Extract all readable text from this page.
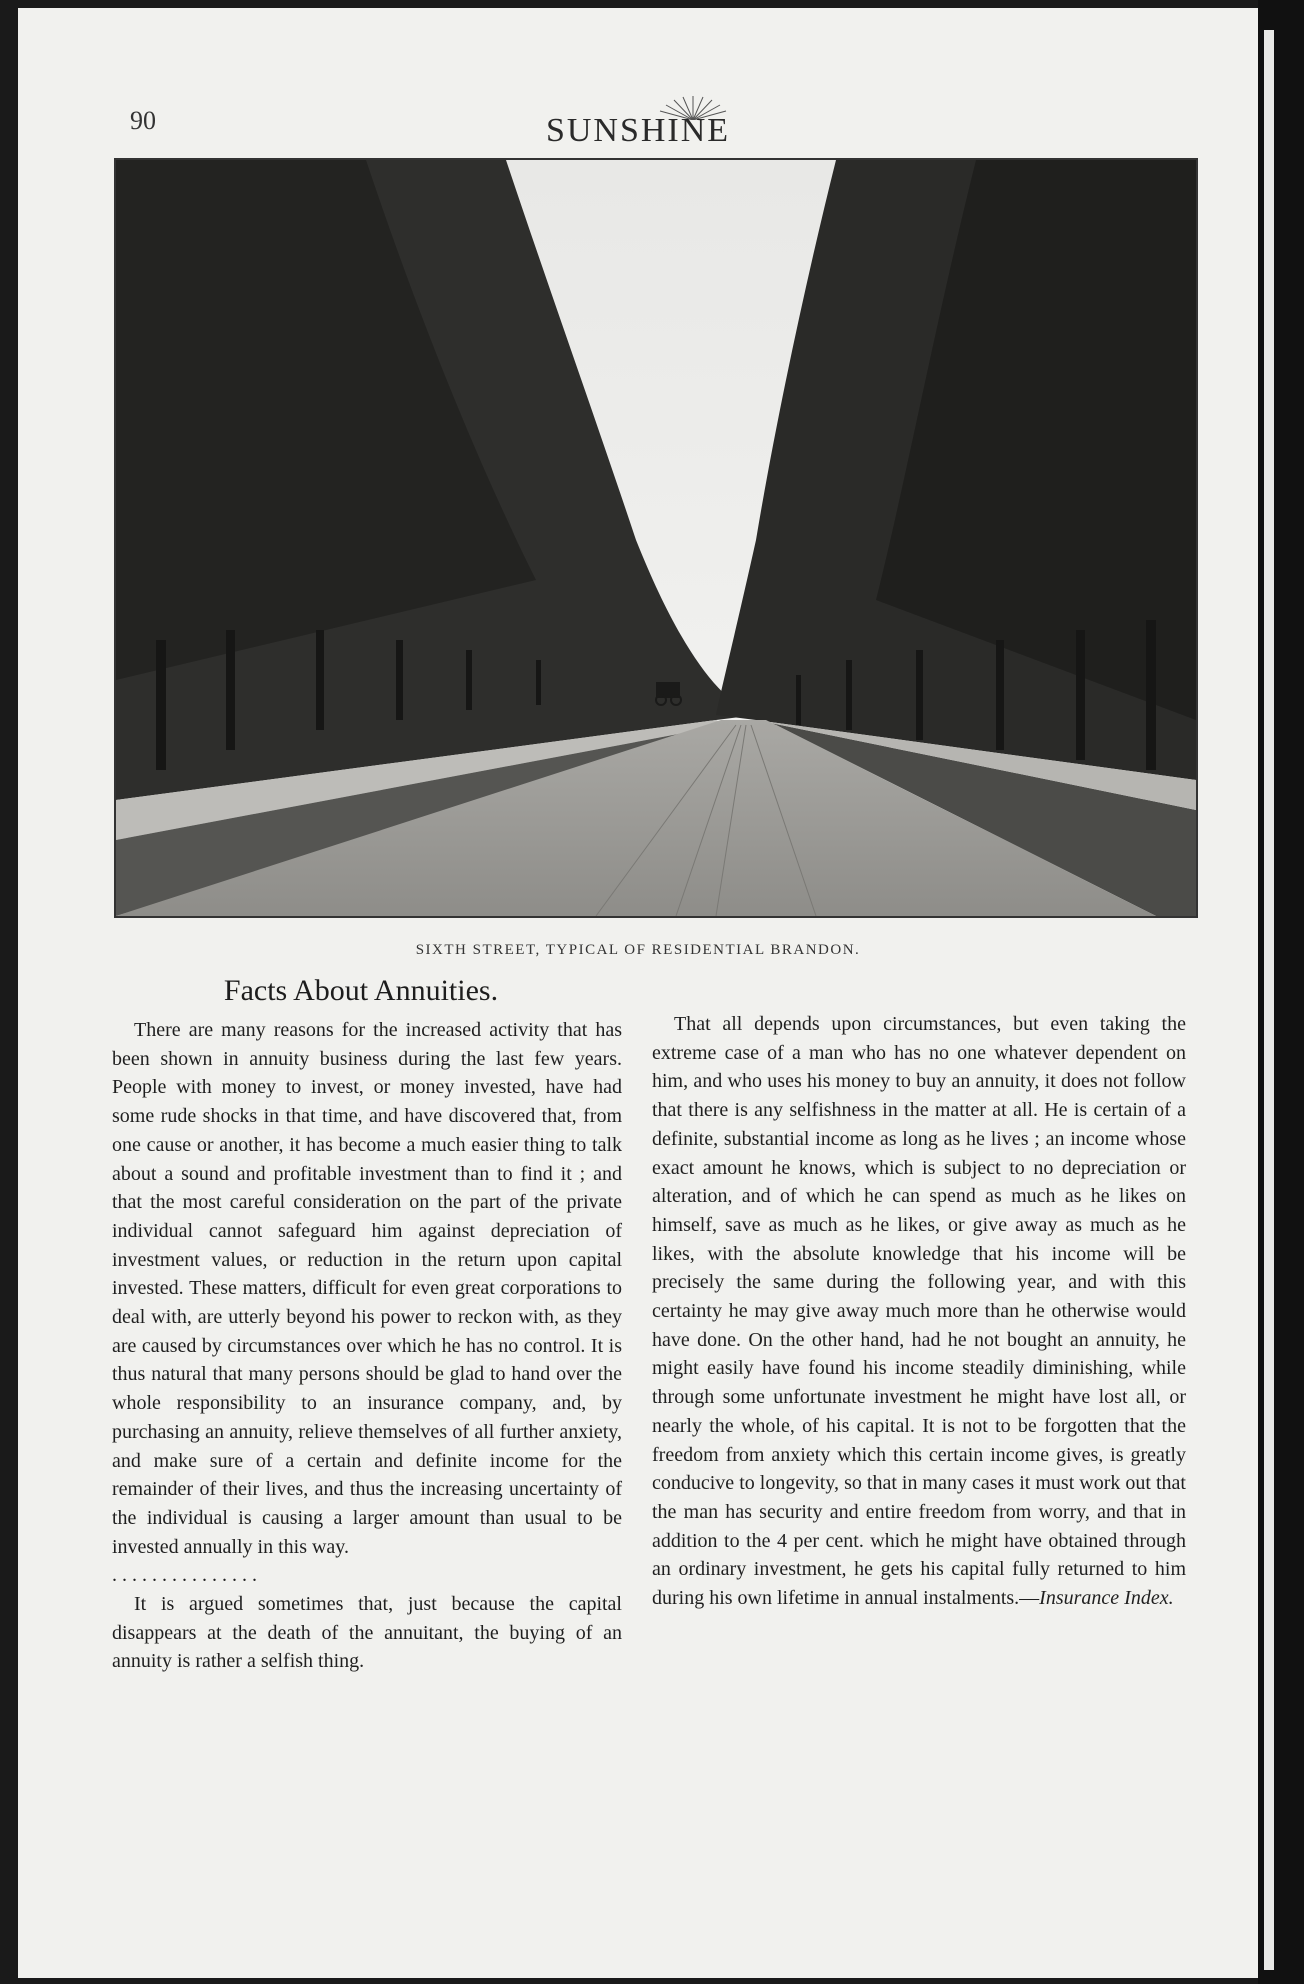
90	SUNSHINE
SIXTH STREET, TYPICAL OF RESIDENTIAL BRANDON.
Facts About Annuities.

There are many reasons for the increased activity that has been shown in annuity business during the last few years. People with money to invest, or money invested, have had some rude shocks in that time, and have discovered that, from one cause or another, it has become a much easier thing to talk about a sound and profitable investment than to find it ; and that the most careful consideration on the part of the private individual cannot safeguard him against depreciation of investment values, or reduction in the return upon capital invested. These matters, difficult for even great corporations to deal with, are utterly beyond his power to reckon with, as they are caused by circumstances over which he has no control. It is thus natural that many persons should be glad to hand over the whole responsibility to an insurance company, and, by purchasing an annuity, relieve themselves of all further anxiety, and make sure of a certain and definite income for the remainder of their lives, and thus the increasing uncertainty of the individual is causing a larger amount than usual to be invested annually in this way.

. . . . . . . . . . . . . . .

It is argued sometimes that, just because the capital disappears at the death of the annuitant, the buying of an annuity is rather a selfish thing.

That all depends upon circumstances, but even taking the extreme case of a man who has no one whatever dependent on him, and who uses his money to buy an annuity, it does not follow that there is any selfishness in the matter at all. He is certain of a definite, substantial income as long as he lives ; an income whose exact amount he knows, which is subject to no depreciation or alteration, and of which he can spend as much as he likes on himself, save as much as he likes, or give away as much as he likes, with the absolute knowledge that his income will be precisely the same during the following year, and with this certainty he may give away much more than he otherwise would have done. On the other hand, had he not bought an annuity, he might easily have found his income steadily diminishing, while through some unfortunate investment he might have lost all, or nearly the whole, of his capital. It is not to be forgotten that the freedom from anxiety which this certain income gives, is greatly conducive to longevity, so that in many cases it must work out that the man has security and entire freedom from worry, and that in addition to the 4 per cent. which he might have obtained through an ordinary investment, he gets his capital fully returned to him during his own lifetime in annual instalments.—Insurance Index.
